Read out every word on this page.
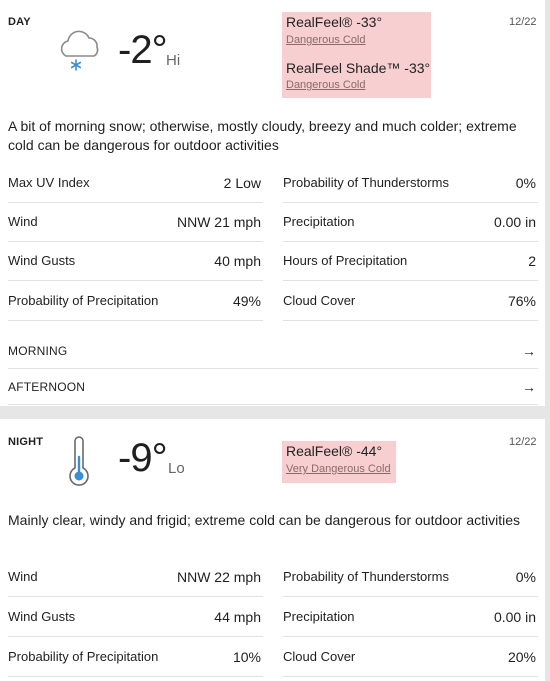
DAY	12/22
-2° Hi
RealFeel® -33°
Dangerous Cold
RealFeel Shade™ -33°
Dangerous Cold

A bit of morning snow; otherwise, mostly cloudy, breezy and much colder; extreme cold can be dangerous for outdoor activities

Max UV Index	2 Low
Wind	NNW 21 mph
Wind Gusts	40 mph
Probability of Precipitation	49%
Probability of Thunderstorms	0%
Precipitation	0.00 in
Hours of Precipitation	2
Cloud Cover	76%
MORNING	→
AFTERNOON	→
NIGHT	12/22
-9° Lo
RealFeel® -44°
Very Dangerous Cold

Mainly clear, windy and frigid; extreme cold can be dangerous for outdoor activities

Wind	NNW 22 mph
Wind Gusts	44 mph
Probability of Precipitation	10%
Probability of Thunderstorms	0%
Precipitation	0.00 in
Cloud Cover	20%
